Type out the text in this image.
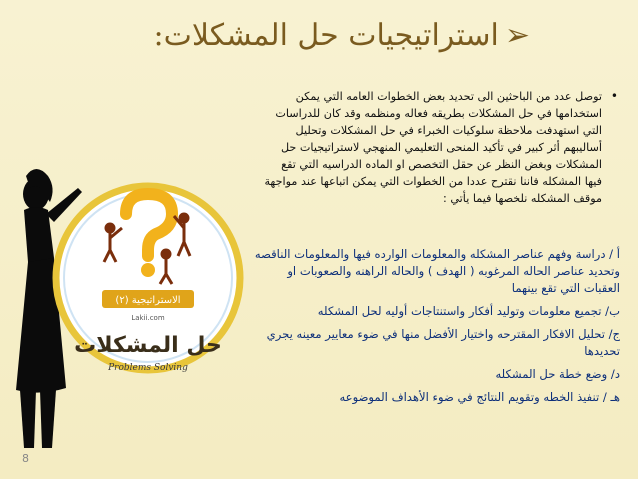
➢استراتيجيات حل المشكلات:
•
توصل عدد من الباحثين الى تحديد بعض الخطوات العامه التي يمكن استخدامها في حل المشكلات بطريقه فعاله ومنظمه وقد كان للدراسات التي استهدفت ملاحظة سلوكيات الخبراء في حل المشكلات وتحليل أساليبهم أثر كبير في تأكيد المنحى التعليمي المنهجي لاستراتيجيات حل المشكلات وبغض النظر عن حقل التخصص او الماده الدراسيه التي تقع فيها المشكله فاننا نقترح عددا من الخطوات التي يمكن اتباعها عند مواجهة موقف المشكله نلخصها فيما يأتي :
أ / دراسة وفهم عناصر المشكله والمعلومات الوارده فيها والمعلومات الناقصه وتحديد عناصر الحاله المرغوبه ( الهدف ) والحاله الراهنه والصعوبات او العقبات التي تقع بينهما
ب/ تجميع معلومات وتوليد أفكار واستنتاجات أوليه لحل المشكله
ج/ تحليل الافكار المقترحه واختيار الأفضل منها في ضوء معايير معينه يجري تحديدها
د/ وضع خطة حل المشكله
هـ / تنفيذ الخطه وتقويم النتائج في ضوء الأهداف الموضوعه
الاستراتيجية (٢)
Lakii.com
حل المشكلات
Problems Solving
8
